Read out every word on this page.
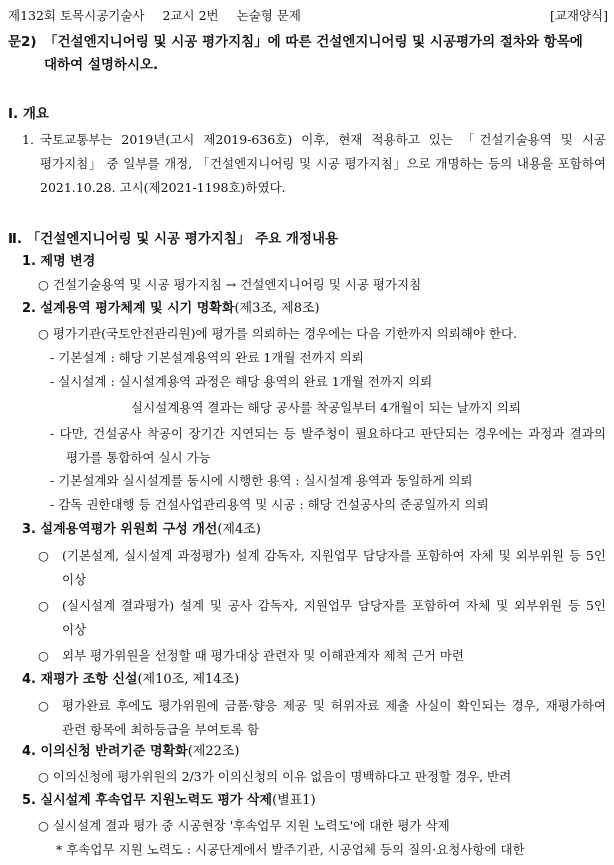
제132회 토목시공기술사 2교시 2번 논술형 문제	[교재양식]
문2) 「건설엔지니어링 및 시공 평가지침」에 따른 건설엔지니어링 및 시공평가의 절차와 항목에 대하여 설명하시오.
Ⅰ. 개요
1. 국토교통부는 2019년(고시 제2019-636호) 이후, 현재 적용하고 있는 「건설기술용역 및 시공 평가지침」 중 일부를 개정, 「건설엔지니어링 및 시공 평가지침」으로 개명하는 등의 내용을 포함하여 2021.10.28. 고시(제2021-1198호)하였다.
Ⅱ. 「건설엔지니어링 및 시공 평가지침」 주요 개정내용
1. 제명 변경
○ 건설기술용역 및 시공 평가지침 → 건설엔지니어링 및 시공 평가지침
2. 설계용역 평가체계 및 시기 명확화(제3조, 제8조)
○ 평가기관(국토안전관리원)에 평가를 의뢰하는 경우에는 다음 기한까지 의뢰해야 한다.
- 기본설계 : 해당 기본설계용역의 완료 1개월 전까지 의뢰
- 실시설계 : 실시설계용역 과정은 해당 용역의 완료 1개월 전까지 의뢰
실시설계용역 결과는 해당 공사를 착공일부터 4개월이 되는 날까지 의뢰
- 다만, 건설공사 착공이 장기간 지연되는 등 발주청이 필요하다고 판단되는 경우에는 과정과 결과의 평가를 통합하여 실시 가능
- 기본설계와 실시설계를 동시에 시행한 용역 : 실시설계 용역과 동일하게 의뢰
- 감독 권한대행 등 건설사업관리용역 및 시공 : 해당 건설공사의 준공일까지 의뢰
3. 설계용역평가 위원회 구성 개선(제4조)
○ (기본설계, 실시설계 과정평가) 설계 감독자, 지원업무 담당자를 포함하여 자체 및 외부위원 등 5인 이상
○ (실시설계 결과평가) 설계 및 공사 감독자, 지원업무 담당자를 포함하여 자체 및 외부위원 등 5인 이상
○ 외부 평가위원을 선정할 때 평가대상 관련자 및 이해관계자 제척 근거 마련
4. 재평가 조항 신설(제10조, 제14조)
○ 평가완료 후에도 평가위원에 금품·향응 제공 및 허위자료 제출 사실이 확인되는 경우, 재평가하여 관련 항목에 최하등급을 부여토록 함
4. 이의신청 반려기준 명확화(제22조)
○ 이의신청에 평가위원의 2/3가 이의신청의 이유 없음이 명백하다고 판정할 경우, 반려
5. 실시설계 후속업무 지원노력도 평가 삭제(별표1)
○ 실시설계 결과 평가 중 시공현장 '후속업무 지원 노력도'에 대한 평가 삭제
* 후속업무 지원 노력도 : 시공단계에서 발주기관, 시공업체 등의 질의·요청사항에 대한
